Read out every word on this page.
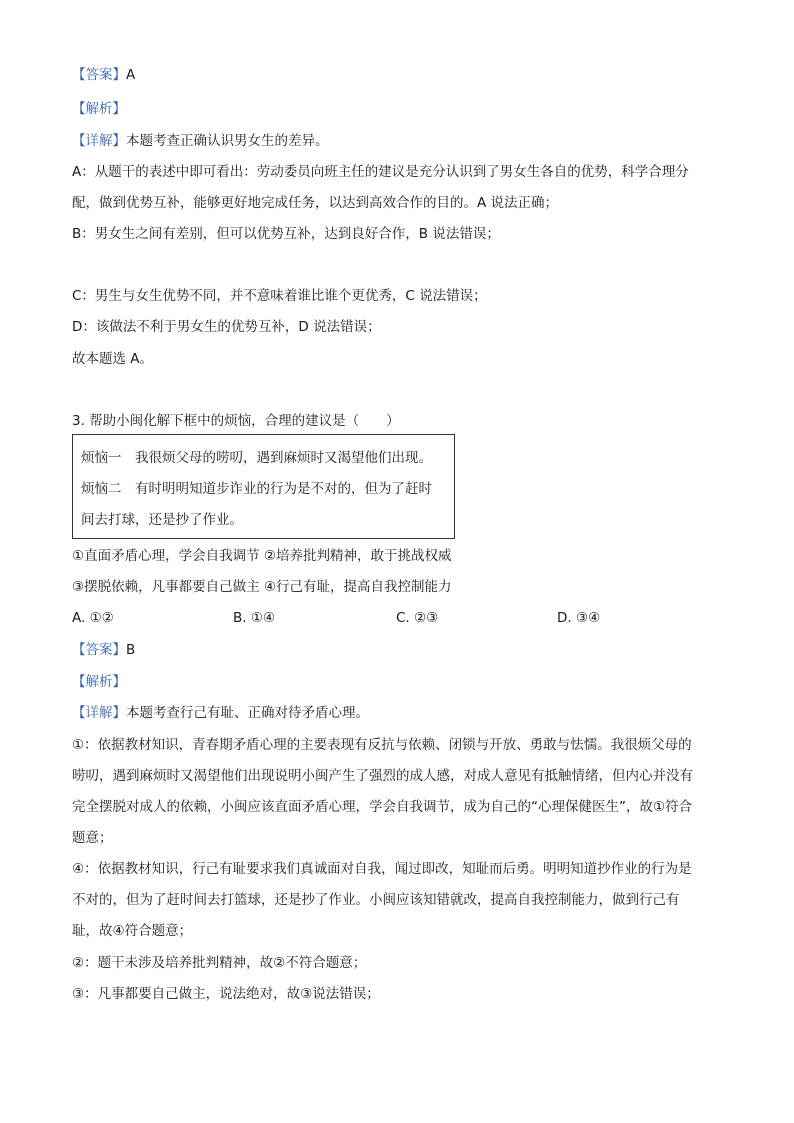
【答案】A
【解析】
【详解】本题考查正确认识男女生的差异。
A：从题干的表述中即可看出：劳动委员向班主任的建议是充分认识到了男女生各自的优势，科学合理分
配，做到优势互补，能够更好地完成任务，以达到高效合作的目的。A 说法正确；
B：男女生之间有差别，但可以优势互补，达到良好合作，B 说法错误；
C：男生与女生优势不同，并不意味着谁比谁个更优秀，C 说法错误；
D：该做法不利于男女生的优势互补，D 说法错误；
故本题选 A。
3. 帮助小闽化解下框中的烦恼，合理的建议是（　　）
烦恼一　我很烦父母的唠叨，遇到麻烦时又渴望他们出现。
烦恼二　有时明明知道步诈业的行为是不对的，但为了赶时
间去打球，还是抄了作业。
①直面矛盾心理，学会自我调节 ②培养批判精神，敢于挑战权威
③摆脱依赖，凡事都要自己做主 ④行己有耻，提高自我控制能力
A. ①②	B. ①④	C. ②③	D. ③④
【答案】B
【解析】
【详解】本题考查行己有耻、正确对待矛盾心理。
①：依据教材知识，青春期矛盾心理的主要表现有反抗与依赖、闭锁与开放、勇敢与怯懦。我很烦父母的
唠叨，遇到麻烦时又渴望他们出现说明小闽产生了强烈的成人感，对成人意见有抵触情绪，但内心并没有
完全摆脱对成人的依赖，小闽应该直面矛盾心理，学会自我调节，成为自己的“心理保健医生”，故①符合
题意；
④：依据教材知识，行己有耻要求我们真诚面对自我，闻过即改，知耻而后勇。明明知道抄作业的行为是
不对的，但为了赶时间去打篮球，还是抄了作业。小闽应该知错就改，提高自我控制能力，做到行己有
耻，故④符合题意；
②：题干未涉及培养批判精神，故②不符合题意；
③：凡事都要自己做主，说法绝对，故③说法错误；
